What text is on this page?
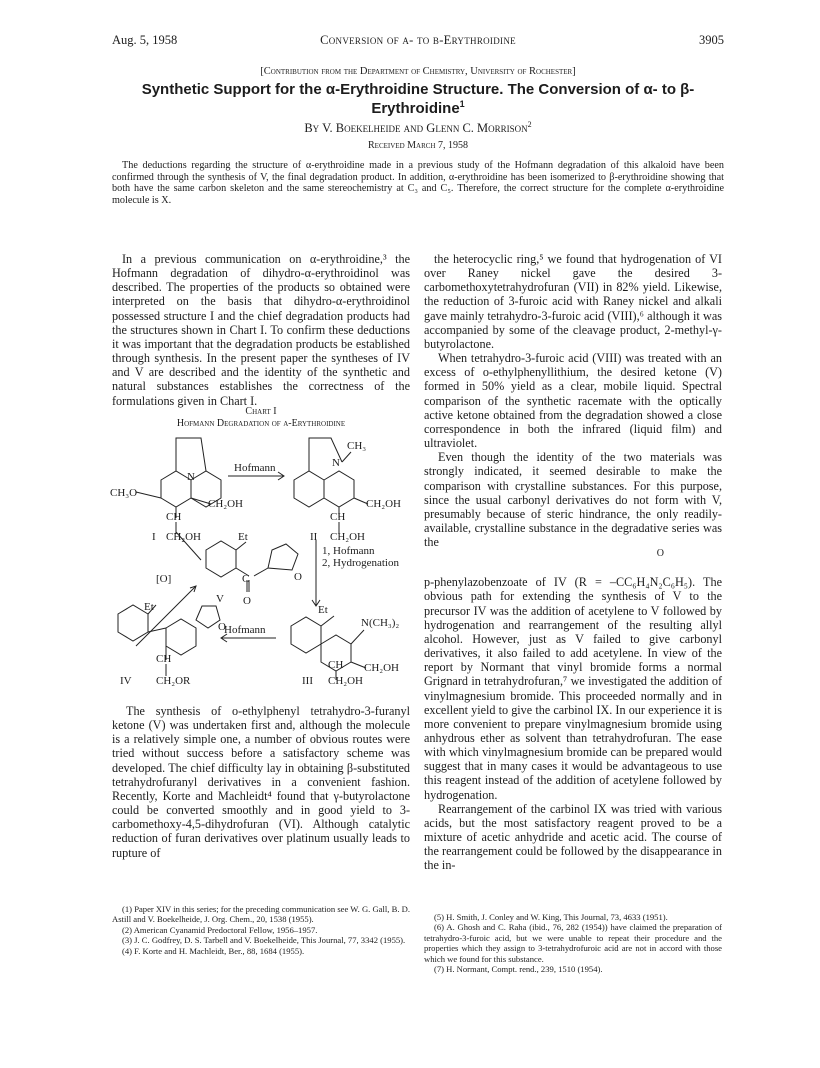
Aug. 5, 1958	Conversion of α- to β-Erythroidine	3905
[Contribution from the Department of Chemistry, University of Rochester]
Synthetic Support for the α-Erythroidine Structure. The Conversion of α- to β-Erythroidine$^1$
By V. Boekelheide and Glenn C. Morrison$^2$
Received March 7, 1958

The deductions regarding the structure of α-erythroidine made in a previous study of the Hofmann degradation of this alkaloid have been confirmed through the synthesis of V, the final degradation product. In addition, α-erythroidine has been isomerized to β-erythroidine showing that both have the same carbon skeleton and the same stereochemistry at C₃ and C₅. Therefore, the correct structure for the complete α-erythroidine molecule is X.

In a previous communication on α-erythroidine,³ the Hofmann degradation of dihydro-α-erythroidinol was described. The properties of the products so obtained were interpreted on the basis that dihydro-α-erythroidinol possessed structure I and the chief degradation products had the structures shown in Chart I. To confirm these deductions it was important that the degradation products be established through synthesis. In the present paper the syntheses of IV and V are described and the identity of the synthetic and natural substances establishes the correctness of the formulations given in Chart I.

Chart I
Hofmann Degradation of α-Erythroidine
N
CH₃O
CH
CH₂OH
I CH₂OH
Hofmann
CH₃
N
CH
CH₂OH
II CH₂OH
Et
[O]	C	O
V O
1, Hofmann
2, Hydrogenation
Et	Et
N(CH₃)₂
O
Hofmann
CH
IV CH₂OR
CH CH₂OH
III CH₂OH

The synthesis of o-ethylphenyl tetrahydro-3-furanyl ketone (V) was undertaken first and, although the molecule is a relatively simple one, a number of obvious routes were tried without success before a satisfactory scheme was developed. The chief difficulty lay in obtaining β-substituted tetrahydrofuranyl derivatives in a convenient fashion. Recently, Korte and Machleidt⁴ found that γ-butyrolactone could be converted smoothly and in good yield to 3-carbomethoxy-4,5-dihydrofuran (VI). Although catalytic reduction of furan derivatives over platinum usually leads to rupture of

(1) Paper XIV in this series; for the preceding communication see W. G. Gall, B. D. Astill and V. Boekelheide, J. Org. Chem., 20, 1538 (1955).

(2) American Cyanamid Predoctoral Fellow, 1956–1957.

(3) J. C. Godfrey, D. S. Tarbell and V. Boekelheide, This Journal, 77, 3342 (1955).

(4) F. Korte and H. Machleidt, Ber., 88, 1684 (1955).

the heterocyclic ring,⁵ we found that hydrogenation of VI over Raney nickel gave the desired 3-carbomethoxytetrahydrofuran (VII) in 82% yield. Likewise, the reduction of 3-furoic acid with Raney nickel and alkali gave mainly tetrahydro-3-furoic acid (VIII),⁶ although it was accompanied by some of the cleavage product, 2-methyl-γ-butyrolactone.

When tetrahydro-3-furoic acid (VIII) was treated with an excess of o-ethylphenyllithium, the desired ketone (V) formed in 50% yield as a clear, mobile liquid. Spectral comparison of the synthetic racemate with the optically active ketone obtained from the degradation showed a close correspondence in both the infrared (liquid film) and ultraviolet.

Even though the identity of the two materials was strongly indicated, it seemed desirable to make the comparison with crystalline substances. For this purpose, since the usual carbonyl derivatives do not form with V, presumably because of steric hindrance, the only readily-available, crystalline substance in the degradative series was the

O

p-phenylazobenzoate of IV (R = –CC₆H₄N₂C₆H₅). The obvious path for extending the synthesis of V to the precursor IV was the addition of acetylene to V followed by hydrogenation and rearrangement of the resulting allyl alcohol. However, just as V failed to give carbonyl derivatives, it also failed to add acetylene. In view of the report by Normant that vinyl bromide forms a normal Grignard in tetrahydrofuran,⁷ we investigated the addition of vinylmagnesium bromide. This proceeded normally and in excellent yield to give the carbinol IX. In our experience it is more convenient to prepare vinylmagnesium bromide using anhydrous ether as solvent than tetrahydrofuran. The ease with which vinylmagnesium bromide can be prepared would suggest that in many cases it would be advantageous to use this reagent instead of the addition of acetylene followed by hydrogenation.

Rearrangement of the carbinol IX was tried with various acids, but the most satisfactory reagent proved to be a mixture of acetic anhydride and acetic acid. The course of the rearrangement could be followed by the disappearance in the in-

(5) H. Smith, J. Conley and W. King, This Journal, 73, 4633 (1951).

(6) A. Ghosh and C. Raha (ibid., 76, 282 (1954)) have claimed the preparation of tetrahydro-3-furoic acid, but we were unable to repeat their procedure and the properties which they assign to 3-tetrahydrofuroic acid are not in accord with those which we found for this substance.

(7) H. Normant, Compt. rend., 239, 1510 (1954).
